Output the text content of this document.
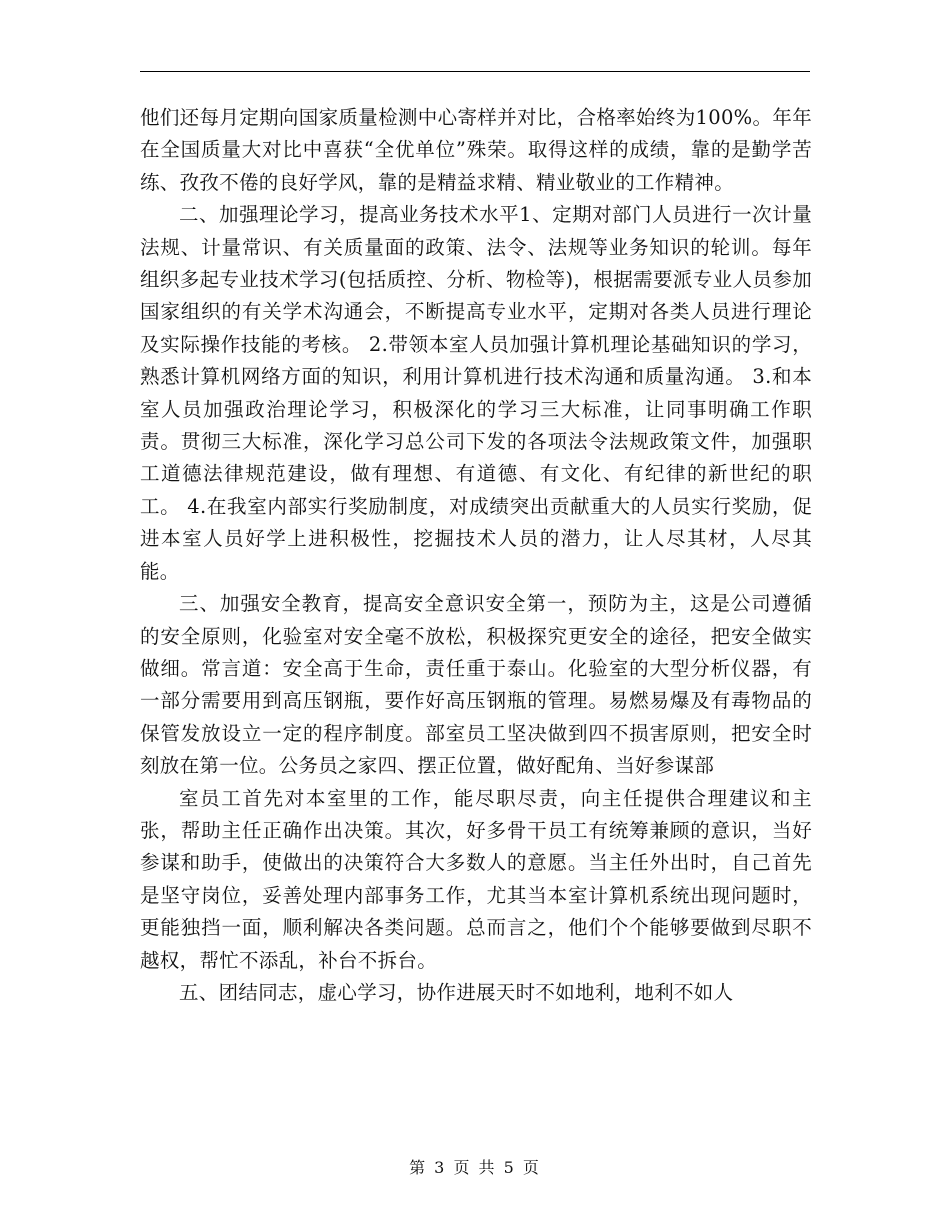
他们还每月定期向国家质量检测中心寄样并对比，合格率始终为100%。年年在全国质量大对比中喜获“全优单位”殊荣。取得这样的成绩，靠的是勤学苦练、孜孜不倦的良好学风，靠的是精益求精、精业敬业的工作精神。

二、加强理论学习，提高业务技术水平1、定期对部门人员进行一次计量法规、计量常识、有关质量面的政策、法令、法规等业务知识的轮训。每年组织多起专业技术学习(包括质控、分析、物检等)，根据需要派专业人员参加国家组织的有关学术沟通会，不断提高专业水平，定期对各类人员进行理论及实际操作技能的考核。 2.带领本室人员加强计算机理论基础知识的学习，熟悉计算机网络方面的知识，利用计算机进行技术沟通和质量沟通。 3.和本室人员加强政治理论学习，积极深化的学习三大标准，让同事明确工作职责。贯彻三大标准，深化学习总公司下发的各项法令法规政策文件，加强职工道德法律规范建设，做有理想、有道德、有文化、有纪律的新世纪的职工。 4.在我室内部实行奖励制度，对成绩突出贡献重大的人员实行奖励，促进本室人员好学上进积极性，挖掘技术人员的潜力，让人尽其材，人尽其能。

三、加强安全教育，提高安全意识安全第一，预防为主，这是公司遵循的安全原则，化验室对安全毫不放松，积极探究更安全的途径，把安全做实做细。常言道：安全高于生命，责任重于泰山。化验室的大型分析仪器，有一部分需要用到高压钢瓶，要作好高压钢瓶的管理。易燃易爆及有毒物品的保管发放设立一定的程序制度。部室员工坚决做到四不损害原则，把安全时刻放在第一位。公务员之家四、摆正位置，做好配角、当好参谋部

室员工首先对本室里的工作，能尽职尽责，向主任提供合理建议和主张，帮助主任正确作出决策。其次，好多骨干员工有统筹兼顾的意识，当好参谋和助手，使做出的决策符合大多数人的意愿。当主任外出时，自己首先是坚守岗位，妥善处理内部事务工作，尤其当本室计算机系统出现问题时，更能独挡一面，顺利解决各类问题。总而言之，他们个个能够要做到尽职不越权，帮忙不添乱，补台不拆台。

五、团结同志，虚心学习，协作进展天时不如地利，地利不如人

第 3 页 共 5 页
